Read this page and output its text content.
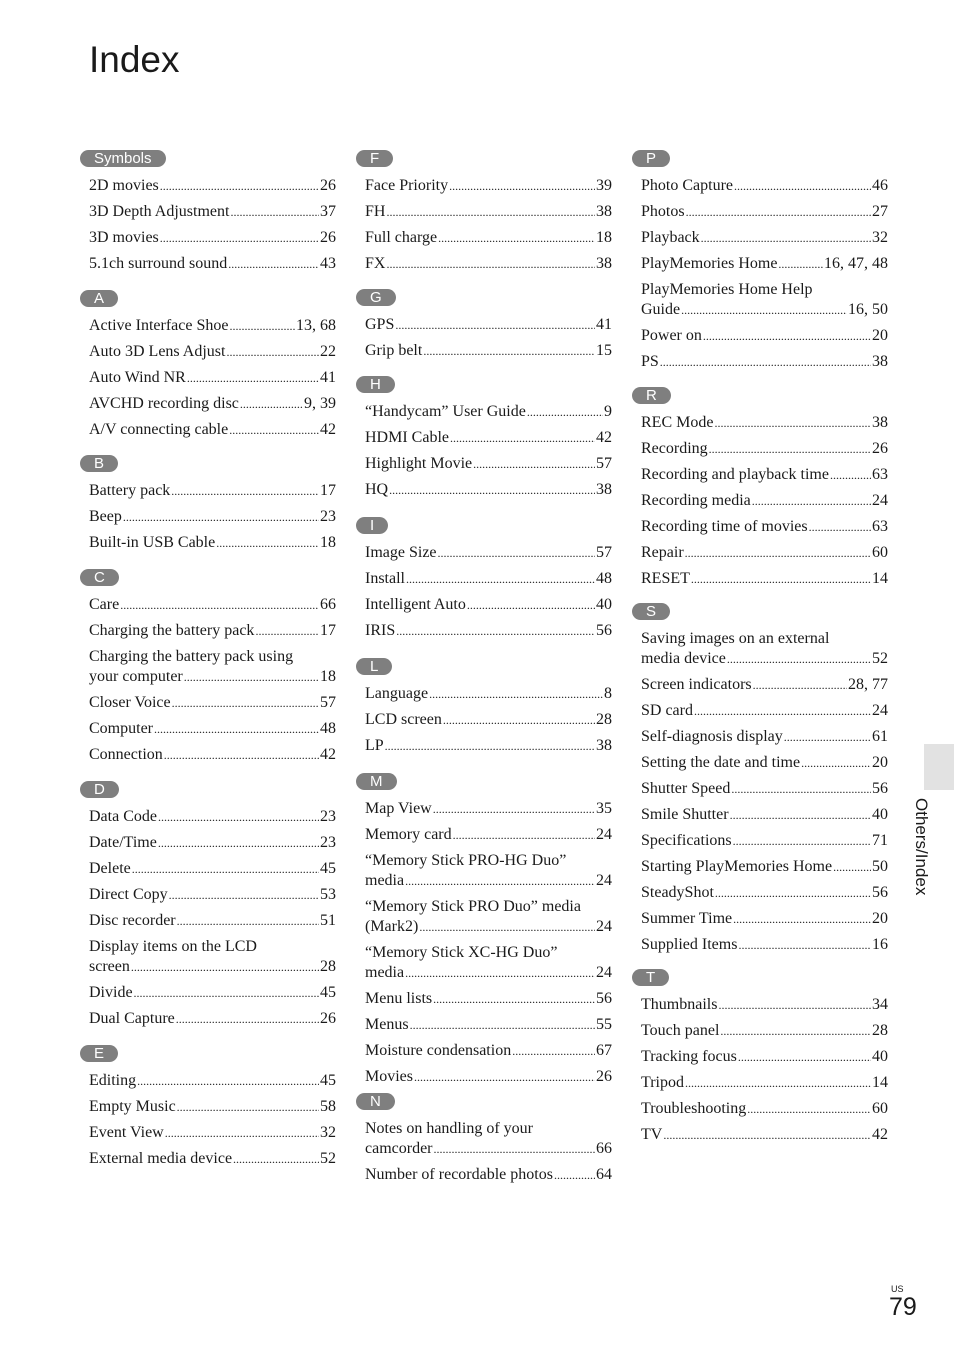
Index
Symbols
2D movies .....	26
3D Depth Adjustment .....	37
3D movies .....	26
5.1ch surround sound .....	43
A
Active Interface Shoe .....	13, 68
Auto 3D Lens Adjust .....	22
Auto Wind NR .....	41
AVCHD recording disc .....	9, 39
A/V connecting cable .....	42
B
Battery pack .....	17
Beep .....	23
Built-in USB Cable .....	18
C
Care .....	66
Charging the battery pack .....	17
Charging the battery pack using
your computer .....	18
Closer Voice .....	57
Computer .....	48
Connection .....	42
D
Data Code .....	23
Date/Time .....	23
Delete .....	45
Direct Copy .....	53
Disc recorder .....	51
Display items on the LCD
screen .....	28
Divide .....	45
Dual Capture .....	26
E
Editing .....	45
Empty Music .....	58
Event View .....	32
External media device .....	52
F
Face Priority .....	39
FH .....	38
Full charge .....	18
FX .....	38
G
GPS .....	41
Grip belt .....	15
H
“Handycam” User Guide .....	9
HDMI Cable .....	42
Highlight Movie .....	57
HQ .....	38
I
Image Size .....	57
Install .....	48
Intelligent Auto .....	40
IRIS .....	56
L
Language .....	8
LCD screen .....	28
LP .....	38
M
Map View .....	35
Memory card .....	24
“Memory Stick PRO-HG Duo”
media .....	24
“Memory Stick PRO Duo” media
(Mark2) .....	24
“Memory Stick XC-HG Duo”
media .....	24
Menu lists .....	56
Menus .....	55
Moisture condensation .....	67
Movies .....	26
N
Notes on handling of your
camcorder .....	66
Number of recordable photos .....	64
P
Photo Capture .....	46
Photos .....	27
Playback .....	32
PlayMemories Home .....	16, 47, 48
PlayMemories Home Help
Guide .....	16, 50
Power on .....	20
PS .....	38
R
REC Mode .....	38
Recording .....	26
Recording and playback time .....	63
Recording media .....	24
Recording time of movies .....	63
Repair .....	60
RESET .....	14
S
Saving images on an external
media device .....	52
Screen indicators .....	28, 77
SD card .....	24
Self-diagnosis display .....	61
Setting the date and time .....	20
Shutter Speed .....	56
Smile Shutter .....	40
Specifications .....	71
Starting PlayMemories Home ..... 50
SteadyShot .....	56
Summer Time .....	20
Supplied Items .....	16
T
Thumbnails .....	34
Touch panel .....	28
Tracking focus .....	40
Tripod .....	14
Troubleshooting .....	60
TV .....	42
Others/Index
US
79
